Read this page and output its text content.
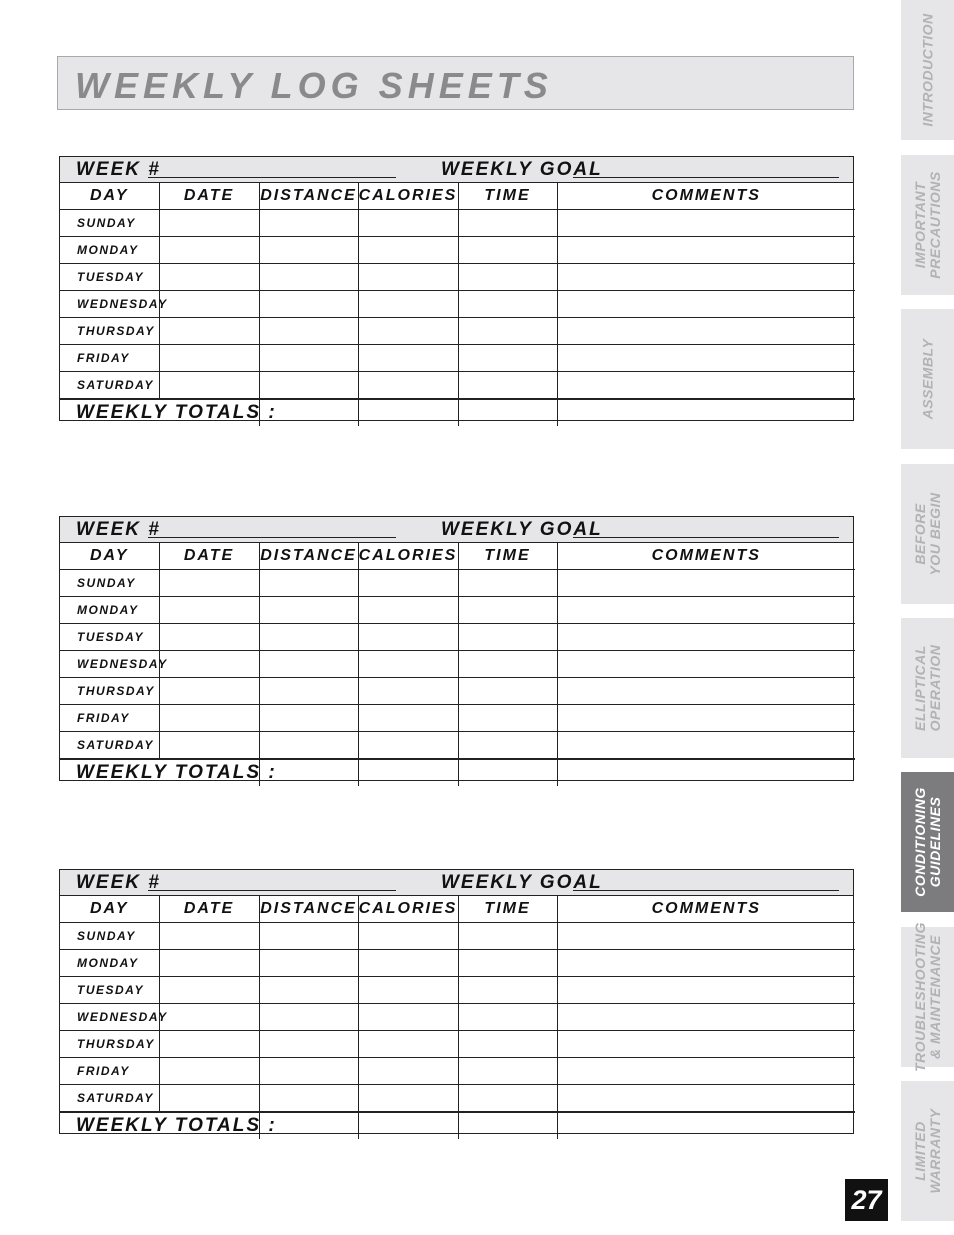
WEEKLY LOG SHEETS
WEEK #	WEEKLY GOAL
DAY	DATE	DISTANCE	CALORIES	TIME	COMMENTS
SUNDAY					
MONDAY					
TUESDAY					
WEDNESDAY					
THURSDAY					
FRIDAY					
SATURDAY					
WEEKLY TOTALS :					
WEEK #	WEEKLY GOAL
DAY	DATE	DISTANCE	CALORIES	TIME	COMMENTS
SUNDAY					
MONDAY					
TUESDAY					
WEDNESDAY					
THURSDAY					
FRIDAY					
SATURDAY					
WEEKLY TOTALS :					
WEEK #	WEEKLY GOAL
DAY	DATE	DISTANCE	CALORIES	TIME	COMMENTS
SUNDAY					
MONDAY					
TUESDAY					
WEDNESDAY					
THURSDAY					
FRIDAY					
SATURDAY					
WEEKLY TOTALS :					
INTRODUCTION
IMPORTANT
PRECAUTIONS
ASSEMBLY
BEFORE
YOU BEGIN
ELLIPTICAL
OPERATION
CONDITIONING
GUIDELINES
TROUBLESHOOTING
& MAINTENANCE
LIMITED
WARRANTY
27
